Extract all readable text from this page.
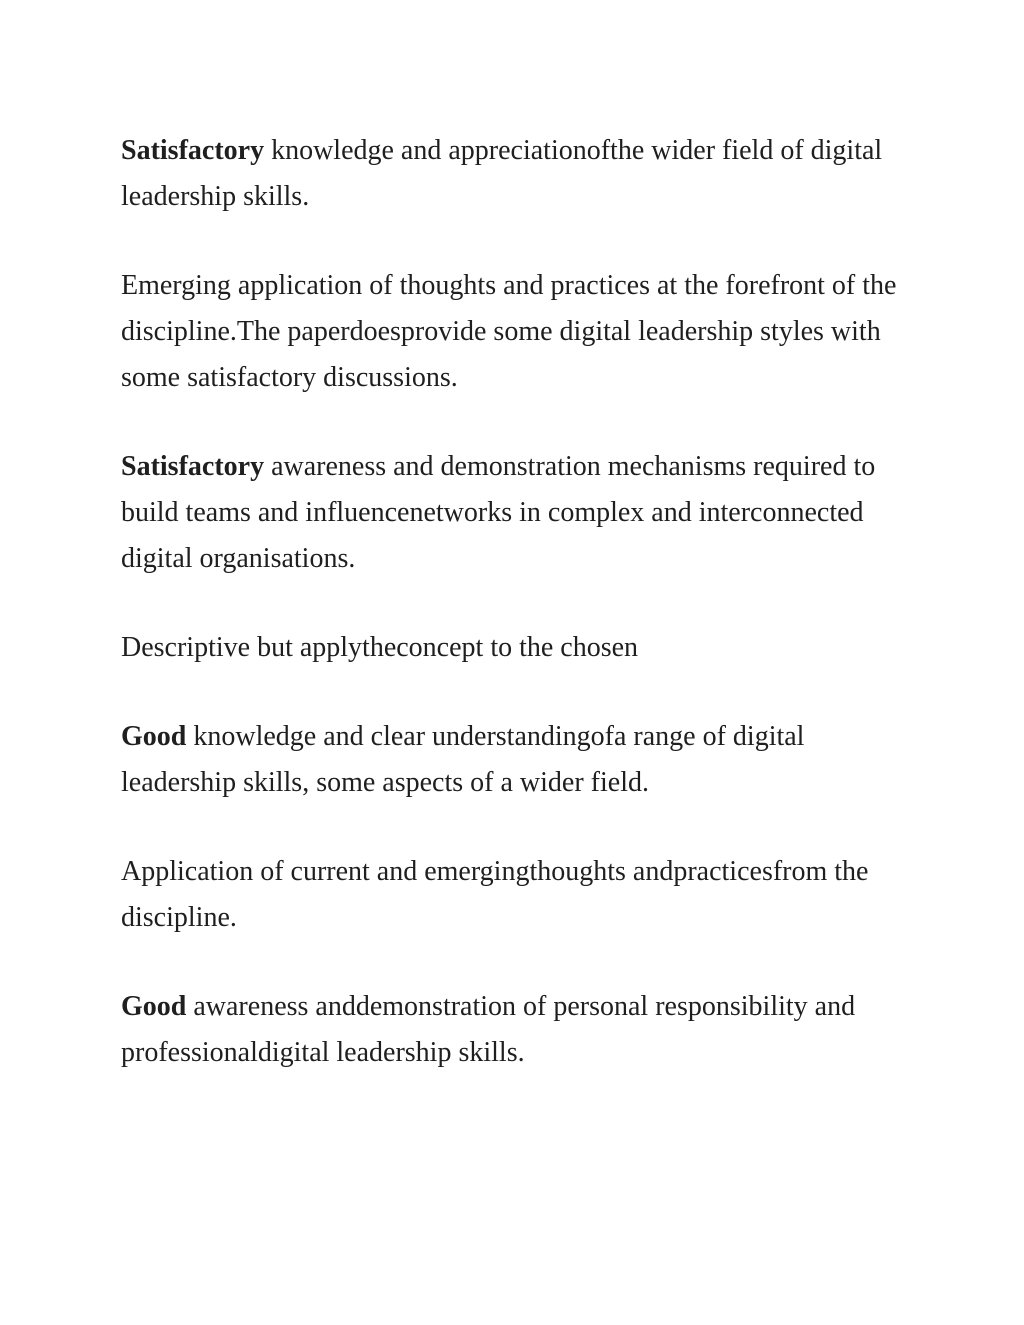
Satisfactory knowledge and appreciationofthe wider field of digital leadership skills.

Emerging application of thoughts and practices at the forefront of the discipline.The paperdoesprovide some digital leadership styles with some satisfactory discussions.

Satisfactory awareness and demonstration mechanisms required to build teams and influencenetworks in complex and interconnected digital organisations.

Descriptive but applytheconcept to the chosen

Good knowledge and clear understandingofa range of digital leadership skills, some aspects of a wider field.

Application of current and emergingthoughts andpracticesfrom the discipline.

Good awareness anddemonstration of personal responsibility and professionaldigital leadership skills.
